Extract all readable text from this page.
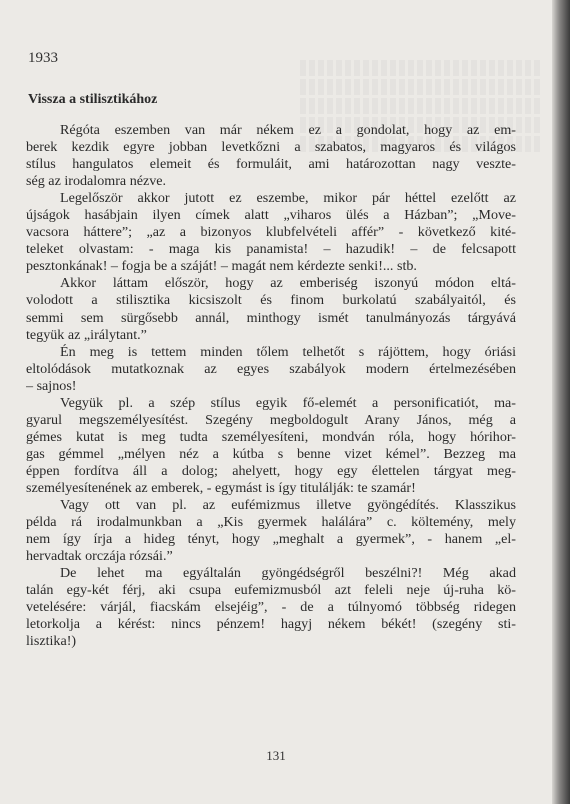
1933
Vissza a stilisztikához

Régóta eszemben van már nékem ez a gondolat, hogy az em-
berek kezdik egyre jobban levetkőzni a szabatos, magyaros és világos
stílus hangulatos elemeit és formuláit, ami határozottan nagy veszte-
ség az irodalomra nézve.

Legelőször akkor jutott ez eszembe, mikor pár héttel ezelőtt az
újságok hasábjain ilyen címek alatt „viharos ülés a Házban”; „Move-
vacsora háttere”; „az a bizonyos klubfelvételi affér” - következő kité-
teleket olvastam: - maga kis panamista! – hazudik! – de felcsapott
pesztonkának! – fogja be a száját! – magát nem kérdezte senki!... stb.

Akkor láttam először, hogy az emberiség iszonyú módon eltá-
volodott a stilisztika kicsiszolt és finom burkolatú szabályaitól, és
semmi sem sürgősebb annál, minthogy ismét tanulmányozás tárgyává
tegyük az „irálytant.”

Én meg is tettem minden tőlem telhetőt s rájöttem, hogy óriási
eltolódások mutatkoznak az egyes szabályok modern értelmezésében
– sajnos!

Vegyük pl. a szép stílus egyik fő-elemét a personificatiót, ma-
gyarul megszemélyesítést. Szegény megboldogult Arany János, még a
gémes kutat is meg tudta személyesíteni, mondván róla, hogy hórihor-
gas gémmel „mélyen néz a kútba s benne vizet kémel”. Bezzeg ma
éppen fordítva áll a dolog; ahelyett, hogy egy élettelen tárgyat meg-
személyesítenének az emberek, - egymást is így titulálják: te szamár!

Vagy ott van pl. az eufémizmus illetve gyöngédítés. Klasszikus
példa rá irodalmunkban a „Kis gyermek halálára” c. költemény, mely
nem így írja a hideg tényt, hogy „meghalt a gyermek”, - hanem „el-
hervadtak orczája rózsái.”

De lehet ma egyáltalán gyöngédségről beszélni?! Még akad
talán egy-két férj, aki csupa eufemizmusból azt feleli neje új-ruha kö-
vetelésére: várjál, fiacskám elsejéig”, - de a túlnyomó többség ridegen
letorkolja a kérést: nincs pénzem! hagyj nékem békét! (szegény sti-
lisztika!)

131
